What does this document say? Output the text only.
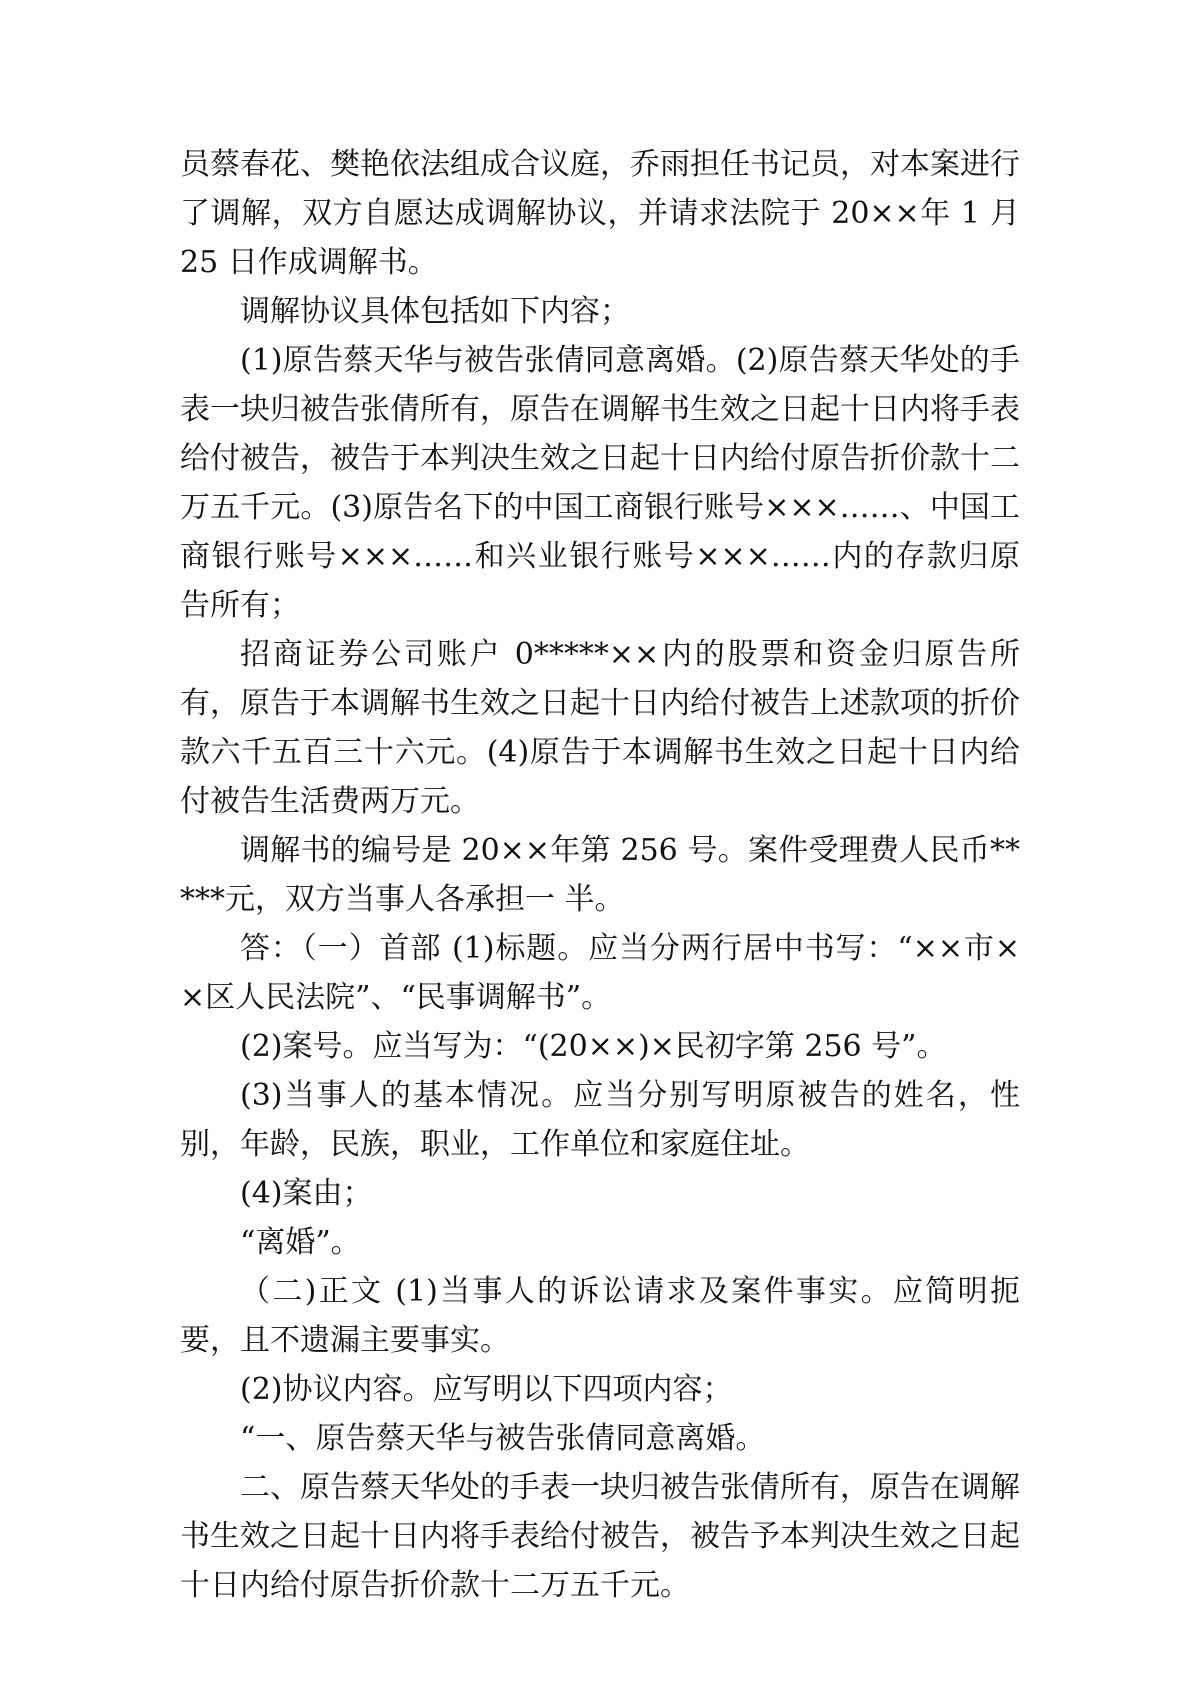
员蔡春花、樊艳依法组成合议庭，乔雨担任书记员，对本案进行了调解，双方自愿达成调解协议，并请求法院于 20××年 1 月 25 日作成调解书。

调解协议具体包括如下内容；

(1)原告蔡天华与被告张倩同意离婚。(2)原告蔡天华处的手表一块归被告张倩所有，原告在调解书生效之日起十日内将手表给付被告，被告于本判决生效之日起十日内给付原告折价款十二万五千元。(3)原告名下的中国工商银行账号×××……、中国工商银行账号×××……和兴业银行账号×××……内的存款归原告所有；

招商证券公司账户 0*****××内的股票和资金归原告所有，原告于本调解书生效之日起十日内给付被告上述款项的折价款六千五百三十六元。(4)原告于本调解书生效之日起十日内给付被告生活费两万元。

调解书的编号是 20××年第 256 号。案件受理费人民币*****元，双方当事人各承担一 半。

答：（一）首部 (1)标题。应当分两行居中书写：“××市××区人民法院”、“民事调解书”。

(2)案号。应当写为：“(20××)×民初字第 256 号”。

(3)当事人的基本情况。应当分别写明原被告的姓名，性别，年龄，民族，职业，工作单位和家庭住址。

(4)案由；

“离婚”。

（二)正文 (1)当事人的诉讼请求及案件事实。应简明扼要，且不遗漏主要事实。

(2)协议内容。应写明以下四项内容；

“一、原告蔡天华与被告张倩同意离婚。

二、原告蔡天华处的手表一块归被告张倩所有，原告在调解书生效之日起十日内将手表给付被告，被告予本判决生效之日起十日内给付原告折价款十二万五千元。
